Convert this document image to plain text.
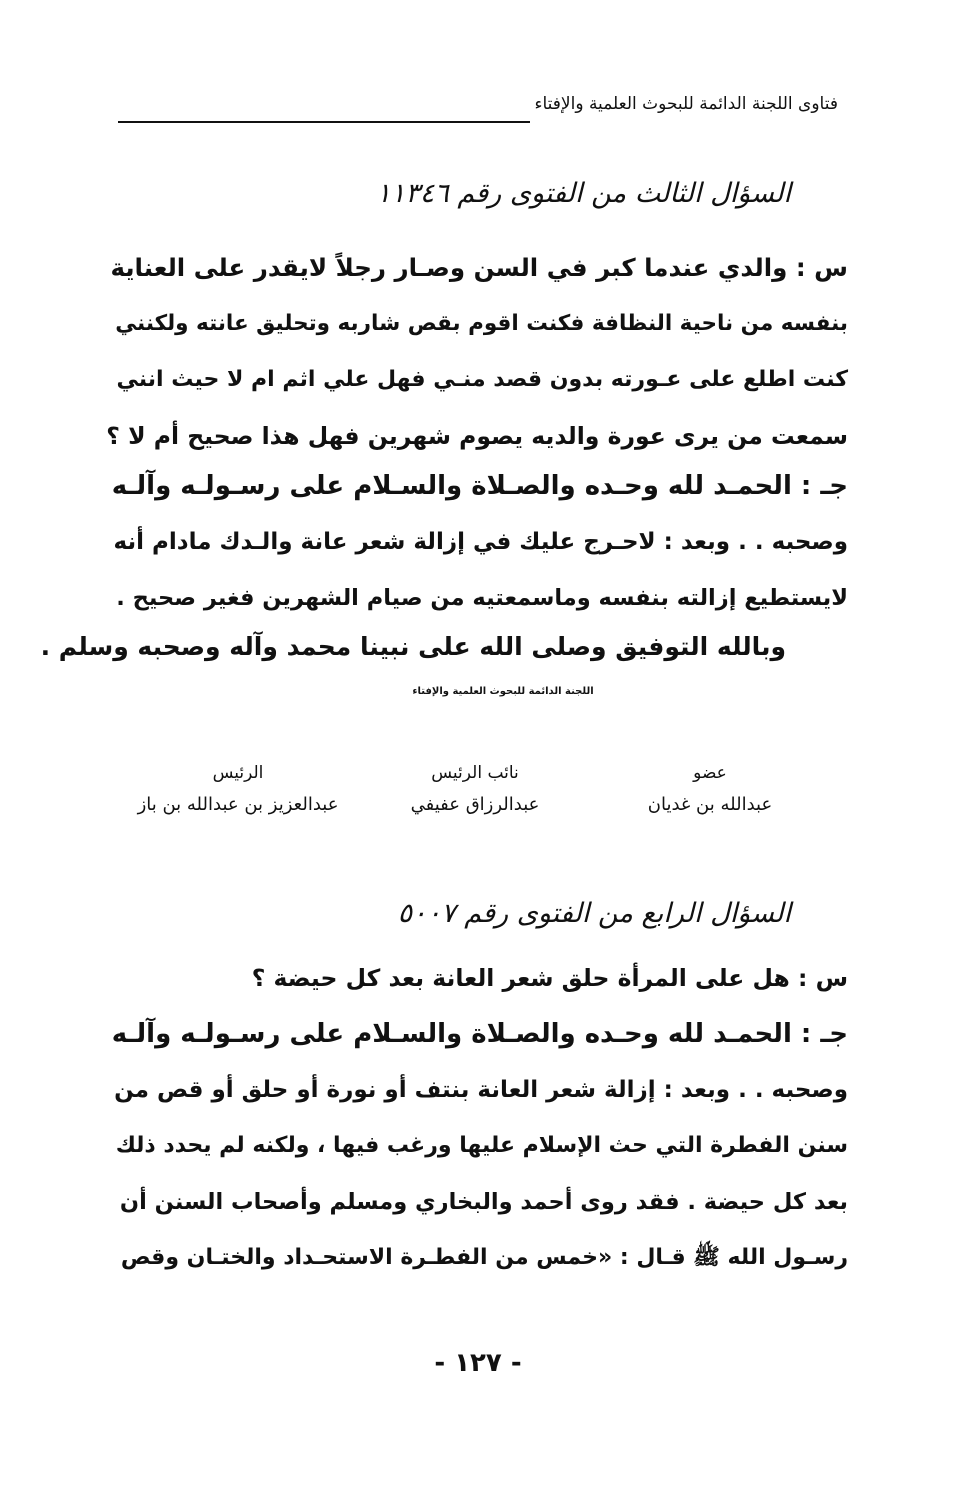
فتاوى اللجنة الدائمة للبحوث العلمية والإفتاء
السؤال الثالث من الفتوى رقم ١١٣٤٦
س : والدي عندما كبر في السن وصـار رجلاً لايقدر على العناية
بنفسه من ناحية النظافة فكنت اقوم بقص شاربه وتحليق عانته ولكنني
كنت اطلع على عـورته بدون قصد منـي فهل علي اثم ام لا حيث انني
سمعت من يرى عورة والديه يصوم شهرين فهل هذا صحيح أم لا ؟
جـ : الحمـد لله وحـده والصـلاة والسـلام على رسـولـه وآلـه
وصحبه . . وبعد : لاحـرج عليك في إزالة شعر عانة والـدك مادام أنه
لايستطيع إزالته بنفسه وماسمعتيه من صيام الشهرين فغير صحيح .
وبالله التوفيق وصلى الله على نبينا محمد وآله وصحبه وسلم .
اللجنة الدائمة للبحوث العلمية والإفتاء
الرئيس
عبدالعزيز بن عبدالله بن باز
نائب الرئيس
عبدالرزاق عفيفي
عضو
عبدالله بن غديان
السؤال الرابع من الفتوى رقم ٥٠٠٧
س : هل على المرأة حلق شعر العانة بعد كل حيضة ؟
جـ : الحمـد لله وحـده والصـلاة والسـلام على رسـولـه وآلـه
وصحبه . . وبعد : إزالة شعر العانة بنتف أو نورة أو حلق أو قص من
سنن الفطرة التي حث الإسلام عليها ورغب فيها ، ولكنه لم يحدد ذلك
بعد كل حيضة . فقد روى أحمد والبخاري ومسلم وأصحاب السنن أن
رسـول الله ﷺ قـال : «خمس من الفطـرة الاستحـداد والختـان وقص
- ١٢٧ -
